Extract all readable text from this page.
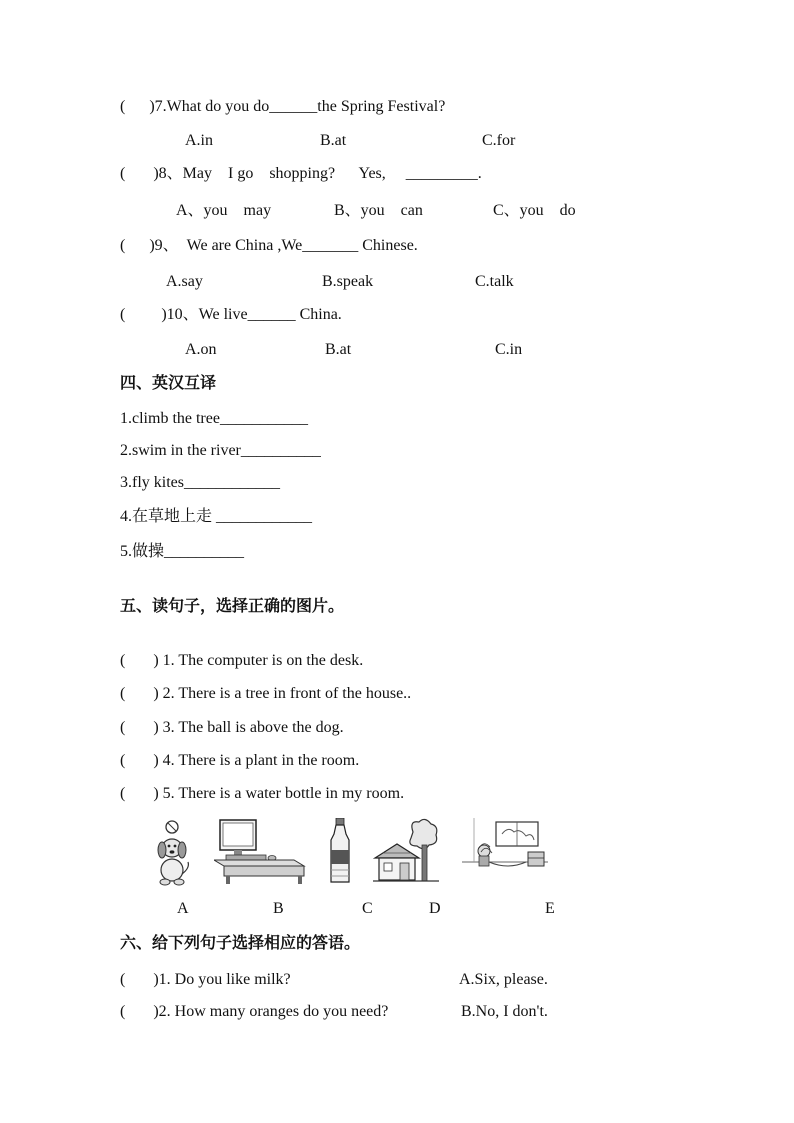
(      )7.What do you do______the Spring Festival?
A.in	B.at	C.for
(       )8、May    I go    shopping?      Yes,     _________.
A、you    may	B、you    can	C、you    do
(      )9、  We are China ,We_______ Chinese.
A.say	B.speak	C.talk
(         )10、We live______ China.
A.on	B.at	C.in
四、英汉互译
1.climb the tree___________
2.swim in the river__________
3.fly kites____________
4.在草地上走 ____________
5.做操__________
五、读句子，选择正确的图片。
(       ) 1. The computer is on the desk.
(       ) 2. There is a tree in front of the house..
(       ) 3. The ball is above the dog.
(       ) 4. There is a plant in the room.
(       ) 5. There is a water bottle in my room.
A	B	C	D	E
六、给下列句子选择相应的答语。
(       )1. Do you like milk?	A.Six, please.
(       )2. How many oranges do you need?	B.No, I don't.
